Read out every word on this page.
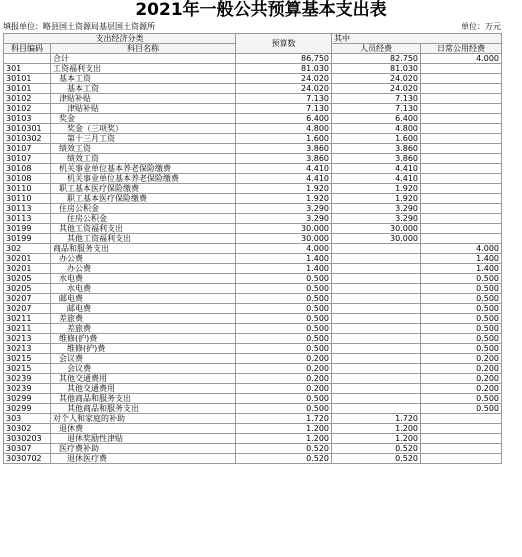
2021年一般公共预算基本支出表
填报单位：略县国土资源局基层国土资源所	单位：万元
支出经济分类		预算数	其中	
科目编码	科目名称		人员经费	日常公用经费
	合计	86.750	82.750	4.000
301	工资福利支出	81.030	81.030	
30101	基本工资	24.020	24.020	
30101	基本工资	24.020	24.020	
30102	津贴补贴	7.130	7.130	
30102	津贴补贴	7.130	7.130	
30103	奖金	6.400	6.400	
3010301	奖金（三项奖）	4.800	4.800	
3010302	第十三月工资	1.600	1.600	
30107	绩效工资	3.860	3.860	
30107	绩效工资	3.860	3.860	
30108	机关事业单位基本养老保险缴费	4.410	4.410	
30108	机关事业单位基本养老保险缴费	4.410	4.410	
30110	职工基本医疗保险缴费	1.920	1.920	
30110	职工基本医疗保险缴费	1.920	1.920	
30113	住房公积金	3.290	3.290	
30113	住房公积金	3.290	3.290	
30199	其他工资福利支出	30.000	30.000	
30199	其他工资福利支出	30.000	30.000	
302	商品和服务支出	4.000		4.000
30201	办公费	1.400		1.400
30201	办公费	1.400		1.400
30205	水电费	0.500		0.500
30205	水电费	0.500		0.500
30207	邮电费	0.500		0.500
30207	邮电费	0.500		0.500
30211	差旅费	0.500		0.500
30211	差旅费	0.500		0.500
30213	维修(护)费	0.500		0.500
30213	维修(护)费	0.500		0.500
30215	会议费	0.200		0.200
30215	会议费	0.200		0.200
30239	其他交通费用	0.200		0.200
30239	其他交通费用	0.200		0.200
30299	其他商品和服务支出	0.500		0.500
30299	其他商品和服务支出	0.500		0.500
303	对个人和家庭的补助	1.720	1.720	
30302	退休费	1.200	1.200	
3030203	退休奖励性津贴	1.200	1.200	
30307	医疗费补助	0.520	0.520	
3030702	退休医疗费	0.520	0.520	
